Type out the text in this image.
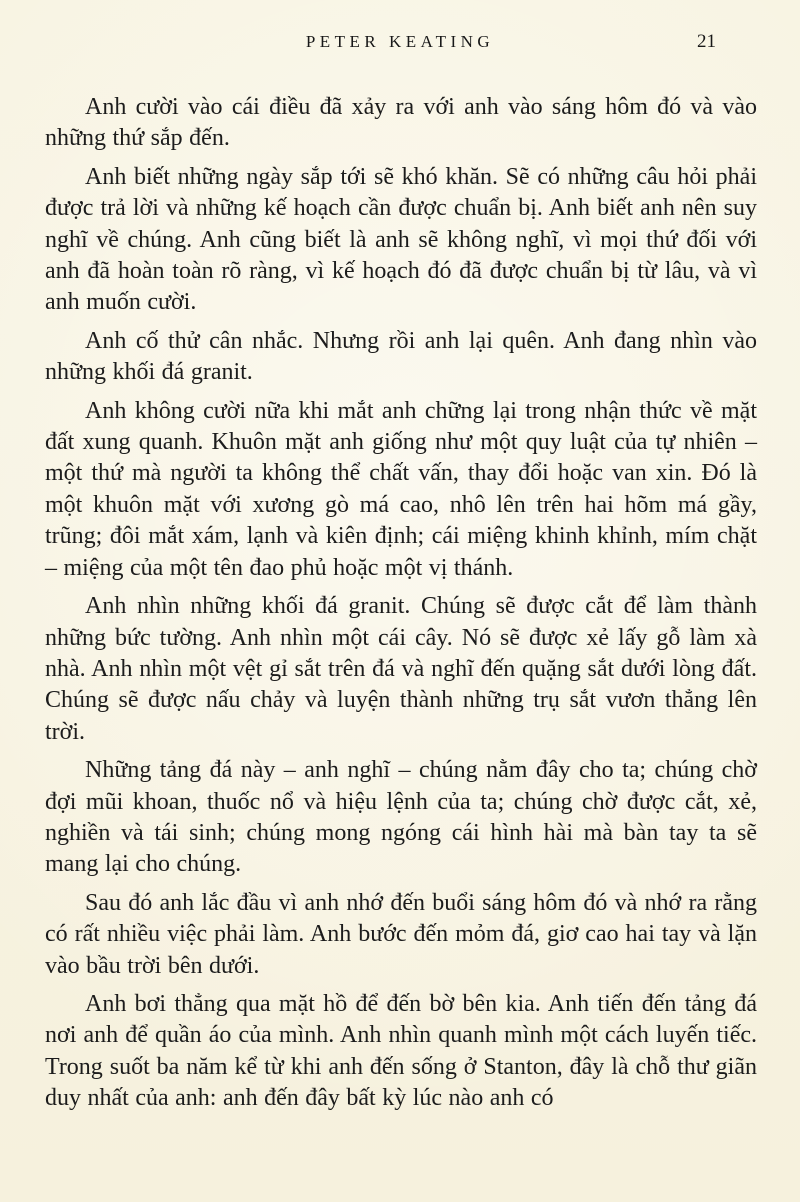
PETER KEATING	21

Anh cười vào cái điều đã xảy ra với anh vào sáng hôm đó và vào những thứ sắp đến.

Anh biết những ngày sắp tới sẽ khó khăn. Sẽ có những câu hỏi phải được trả lời và những kế hoạch cần được chuẩn bị. Anh biết anh nên suy nghĩ về chúng. Anh cũng biết là anh sẽ không nghĩ, vì mọi thứ đối với anh đã hoàn toàn rõ ràng, vì kế hoạch đó đã được chuẩn bị từ lâu, và vì anh muốn cười.

Anh cố thử cân nhắc. Nhưng rồi anh lại quên. Anh đang nhìn vào những khối đá granit.

Anh không cười nữa khi mắt anh chững lại trong nhận thức về mặt đất xung quanh. Khuôn mặt anh giống như một quy luật của tự nhiên – một thứ mà người ta không thể chất vấn, thay đổi hoặc van xin. Đó là một khuôn mặt với xương gò má cao, nhô lên trên hai hõm má gầy, trũng; đôi mắt xám, lạnh và kiên định; cái miệng khinh khỉnh, mím chặt – miệng của một tên đao phủ hoặc một vị thánh.

Anh nhìn những khối đá granit. Chúng sẽ được cắt để làm thành những bức tường. Anh nhìn một cái cây. Nó sẽ được xẻ lấy gỗ làm xà nhà. Anh nhìn một vệt gỉ sắt trên đá và nghĩ đến quặng sắt dưới lòng đất. Chúng sẽ được nấu chảy và luyện thành những trụ sắt vươn thẳng lên trời.

Những tảng đá này – anh nghĩ – chúng nằm đây cho ta; chúng chờ đợi mũi khoan, thuốc nổ và hiệu lệnh của ta; chúng chờ được cắt, xẻ, nghiền và tái sinh; chúng mong ngóng cái hình hài mà bàn tay ta sẽ mang lại cho chúng.

Sau đó anh lắc đầu vì anh nhớ đến buổi sáng hôm đó và nhớ ra rằng có rất nhiều việc phải làm. Anh bước đến mỏm đá, giơ cao hai tay và lặn vào bầu trời bên dưới.

Anh bơi thẳng qua mặt hồ để đến bờ bên kia. Anh tiến đến tảng đá nơi anh để quần áo của mình. Anh nhìn quanh mình một cách luyến tiếc. Trong suốt ba năm kể từ khi anh đến sống ở Stanton, đây là chỗ thư giãn duy nhất của anh: anh đến đây bất kỳ lúc nào anh có
